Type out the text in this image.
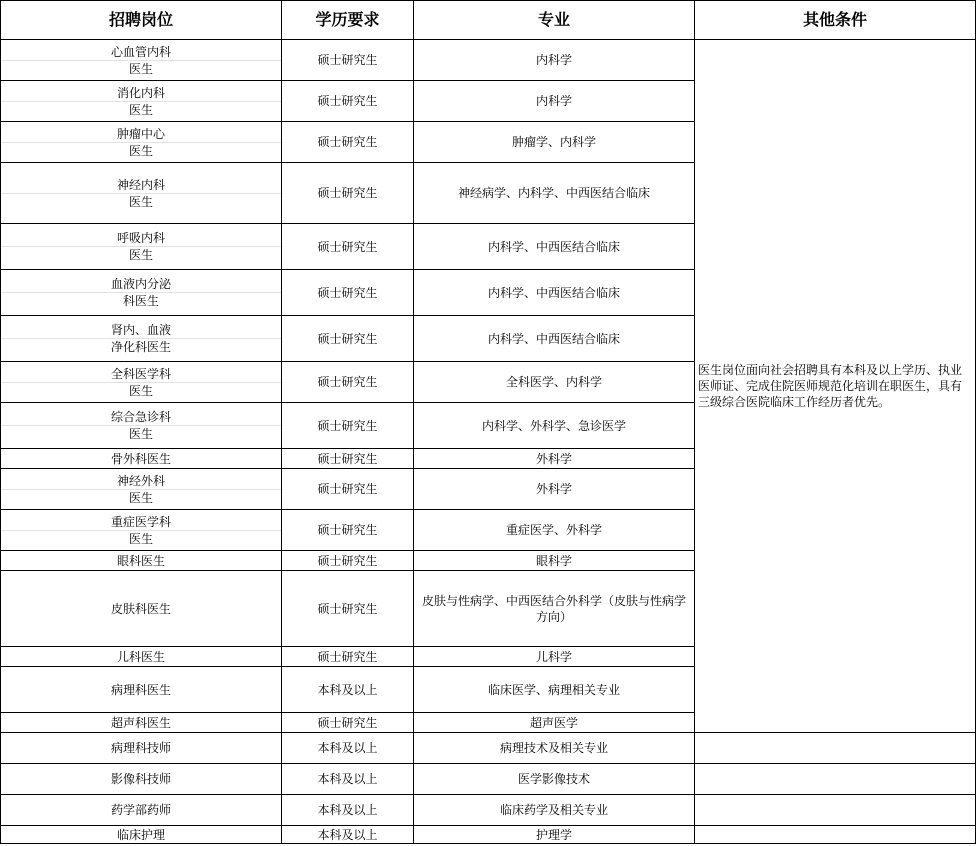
招聘岗位	学历要求	专业	其他条件

心血管内科
医生	硕士研究生	内科学	医生岗位面向社会招聘具有本科及以上学历、执业医师证、完成住院医师规范化培训在职医生，具有三级综合医院临床工作经历者优先。

消化内科
医生	硕士研究生	内科学	

肿瘤中心
医生	硕士研究生	肿瘤学、内科学	

神经内科
医生	硕士研究生	神经病学、内科学、中西医结合临床	

呼吸内科
医生	硕士研究生	内科学、中西医结合临床	

血液内分泌
科医生	硕士研究生	内科学、中西医结合临床	

肾内、血液
净化科医生	硕士研究生	内科学、中西医结合临床	

全科医学科
医生	硕士研究生	全科医学、内科学	

综合急诊科
医生	硕士研究生	内科学、外科学、急诊医学	
骨外科医生	硕士研究生	外科学	

神经外科
医生	硕士研究生	外科学	

重症医学科
医生	硕士研究生	重症医学、外科学	
眼科医生	硕士研究生	眼科学	
皮肤科医生	硕士研究生	皮肤与性病学、中西医结合外科学（皮肤与性病学方向）	
儿科医生	硕士研究生	儿科学	
病理科医生	本科及以上	临床医学、病理相关专业	
超声科医生	硕士研究生	超声医学	
病理科技师	本科及以上	病理技术及相关专业	
影像科技师	本科及以上	医学影像技术	
药学部药师	本科及以上	临床药学及相关专业	
临床护理	本科及以上	护理学	
